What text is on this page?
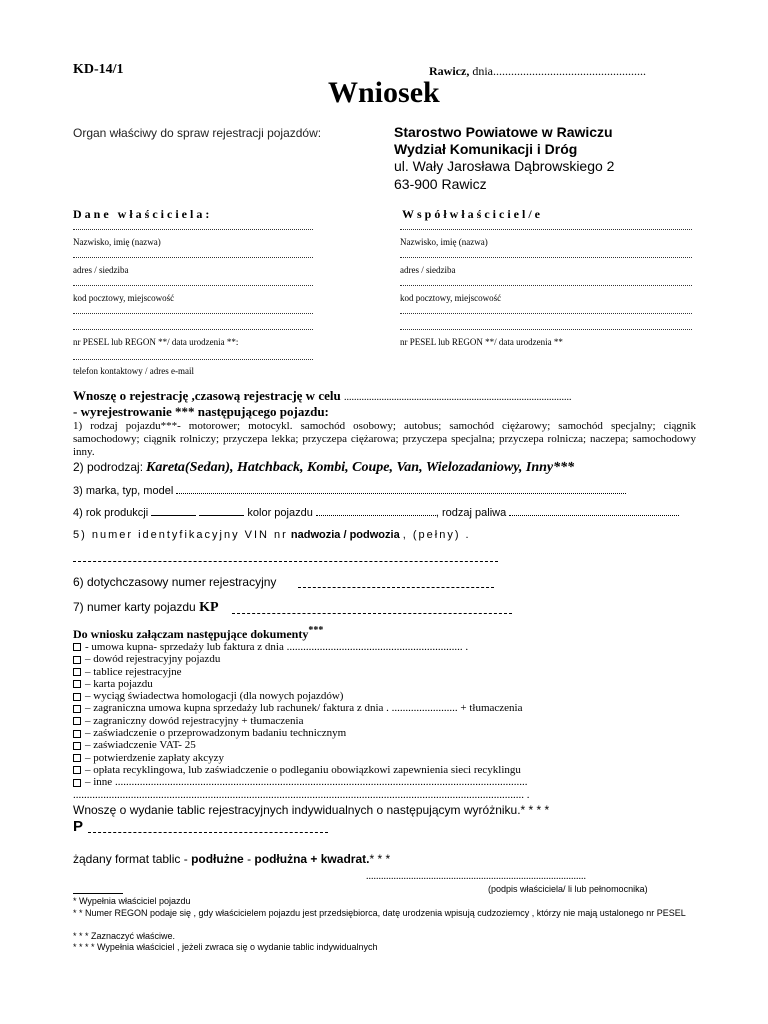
KD-14/1	Rawicz, dnia...................................................
Wniosek
Organ właściwy do spraw rejestracji pojazdów:	Starostwo Powiatowe w Rawiczu
Wydział Komunikacji i Dróg
ul. Wały Jarosława Dąbrowskiego 2
63-900 Rawicz
Dane właściciela:
Nazwisko, imię (nazwa)
adres / siedziba
kod pocztowy, miejscowość
nr PESEL lub REGON **/ data urodzenia **:
telefon kontaktowy / adres e-mail
Współwłaściciel/e
Nazwisko, imię (nazwa)
adres / siedziba
kod pocztowy, miejscowość
nr PESEL lub REGON **/ data urodzenia **
Wnoszę o rejestrację ,czasową rejestrację w celu ...........................................................................................
- wyrejestrowanie *** następującego pojazdu:
1) rodzaj pojazdu***- motorower; motocykl. samochód osobowy; autobus; samochód ciężarowy; samochód specjalny; ciągnik samochodowy; ciągnik rolniczy; przyczepa lekka; przyczepa ciężarowa; przyczepa specjalna; przyczepa rolnicza; naczepa; samochodowy inny.
2) podrodzaj: Kareta(Sedan), Hatchback, Kombi, Coupe, Van, Wielozadaniowy, Inny***
3) marka, typ, model
4) rok produkcji	kolor pojazdu	, rodzaj paliwa
5) numer identyfikacyjny VIN nr nadwozia / podwozia , (pełny) .
6) dotychczasowy numer rejestracyjny
7) numer karty pojazdu KP
Do wniosku załączam następujące dokumenty***
- umowa kupna- sprzedaży lub faktura z dnia ................................................................ .
– dowód rejestracyjny pojazdu
– tablice rejestracyjne
– karta pojazdu
– wyciąg świadectwa homologacji (dla nowych pojazdów)
– zagraniczna umowa kupna sprzedaży lub rachunek/ faktura z dnia . ........................ + tłumaczenia
– zagraniczny dowód rejestracyjny + tłumaczenia
– zaświadczenie o przeprowadzonym badaniu technicznym
– zaświadczenie VAT- 25
– potwierdzenie zapłaty akcyzy
– opłata recyklingowa, lub zaświadczenie o podleganiu obowiązkowi zapewnienia sieci recyklingu
– inne ......................................................................................................................................................
.................................................................................................................................................................... .
Wnoszę o wydanie tablic rejestracyjnych indywidualnych o następującym wyróżniku.* * * *
P
żądany format tablic - podłużne - podłużna + kwadrat.* * *
........................................................................................
(podpis właściciela/ li lub pełnomocnika)
* Wypełnia właściciel pojazdu
* * Numer REGON podaje się , gdy właścicielem pojazdu jest przedsiębiorca, datę urodzenia wpisują cudzoziemcy , którzy nie mają ustalonego nr PESEL
* * * Zaznaczyć właściwe.
* * * * Wypełnia właściciel , jeżeli zwraca się o wydanie tablic indywidualnych
